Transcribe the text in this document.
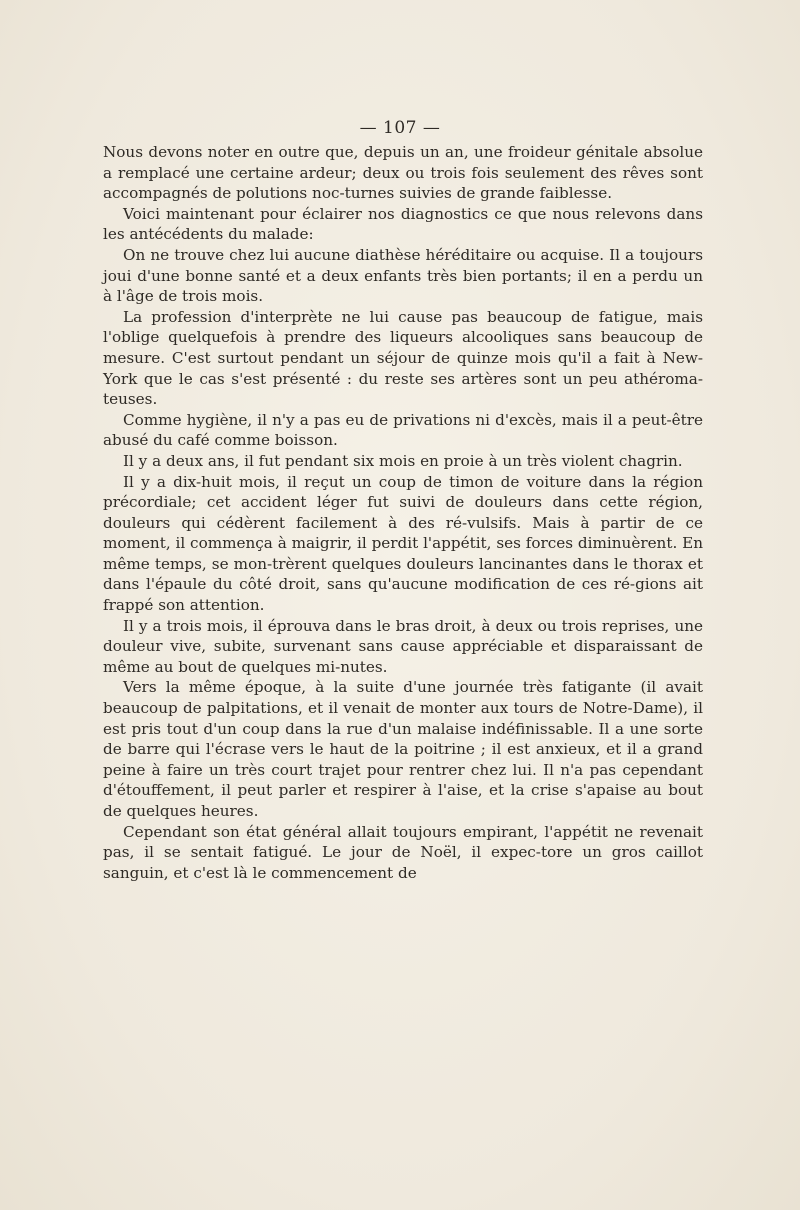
— 107 —

Nous devons noter en outre que, depuis un an, une froideur génitale absolue a remplacé une certaine ardeur; deux ou trois fois seulement des rêves sont accompagnés de polutions noc-turnes suivies de grande faiblesse.

Voici maintenant pour éclairer nos diagnostics ce que nous relevons dans les antécédents du malade:

On ne trouve chez lui aucune diathèse héréditaire ou acquise. Il a toujours joui d'une bonne santé et a deux enfants très bien portants; il en a perdu un à l'âge de trois mois.

La profession d'interprète ne lui cause pas beaucoup de fatigue, mais l'oblige quelquefois à prendre des liqueurs alcooliques sans beaucoup de mesure. C'est surtout pendant un séjour de quinze mois qu'il a fait à New-York que le cas s'est présenté : du reste ses artères sont un peu athéroma-teuses.

Comme hygiène, il n'y a pas eu de privations ni d'excès, mais il a peut-être abusé du café comme boisson.

Il y a deux ans, il fut pendant six mois en proie à un très violent chagrin.

Il y a dix-huit mois, il reçut un coup de timon de voiture dans la région précordiale; cet accident léger fut suivi de douleurs dans cette région, douleurs qui cédèrent facilement à des ré-vulsifs. Mais à partir de ce moment, il commença à maigrir, il perdit l'appétit, ses forces diminuèrent. En même temps, se mon-trèrent quelques douleurs lancinantes dans le thorax et dans l'épaule du côté droit, sans qu'aucune modification de ces ré-gions ait frappé son attention.

Il y a trois mois, il éprouva dans le bras droit, à deux ou trois reprises, une douleur vive, subite, survenant sans cause appréciable et disparaissant de même au bout de quelques mi-nutes.

Vers la même époque, à la suite d'une journée très fatigante (il avait beaucoup de palpitations, et il venait de monter aux tours de Notre-Dame), il est pris tout d'un coup dans la rue d'un malaise indéfinissable. Il a une sorte de barre qui l'écrase vers le haut de la poitrine ; il est anxieux, et il a grand peine à faire un très court trajet pour rentrer chez lui. Il n'a pas cependant d'étouffement, il peut parler et respirer à l'aise, et la crise s'apaise au bout de quelques heures.

Cependant son état général allait toujours empirant, l'appétit ne revenait pas, il se sentait fatigué. Le jour de Noël, il expec-tore un gros caillot sanguin, et c'est là le commencement de
